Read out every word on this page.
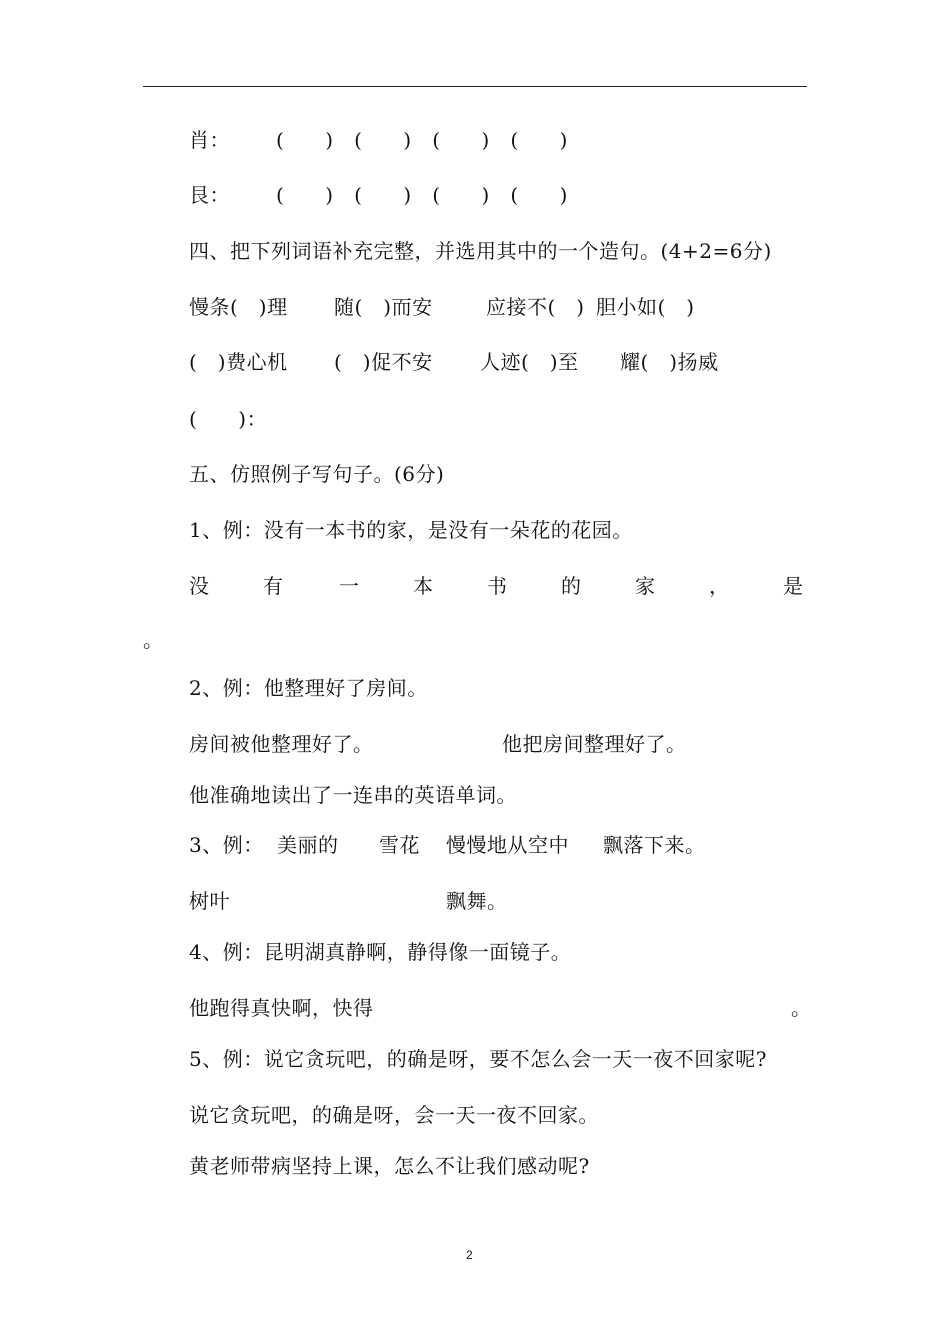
肖： (　　)　(　　)　(　　)　(　　)
艮： (　　)　(　　)　(　　)　(　　)
四、把下列词语补充完整，并选用其中的一个造句。(4+2=6分)
慢条(　)理 随(　)而安	应接不(　) 胆小如(　)
(　)费心机 (　)促不安 人迹(　)至 耀(　)扬威
(　　)：
五、仿照例子写句子。(6分)
1、例：没有一本书的家，是没有一朵花的花园。
没	有	一	本	书	的	家	，	是
。
2、例：他整理好了房间。
房间被他整理好了。	他把房间整理好了。
他准确地读出了一连串的英语单词。
3、例： 美丽的 雪花 慢慢地从空中 飘落下来。
树叶	飘舞。
4、例：昆明湖真静啊，静得像一面镜子。
他跑得真快啊，快得	。
5、例：说它贪玩吧，的确是呀，要不怎么会一天一夜不回家呢?
说它贪玩吧，的确是呀，会一天一夜不回家。
黄老师带病坚持上课，怎么不让我们感动呢?
2
